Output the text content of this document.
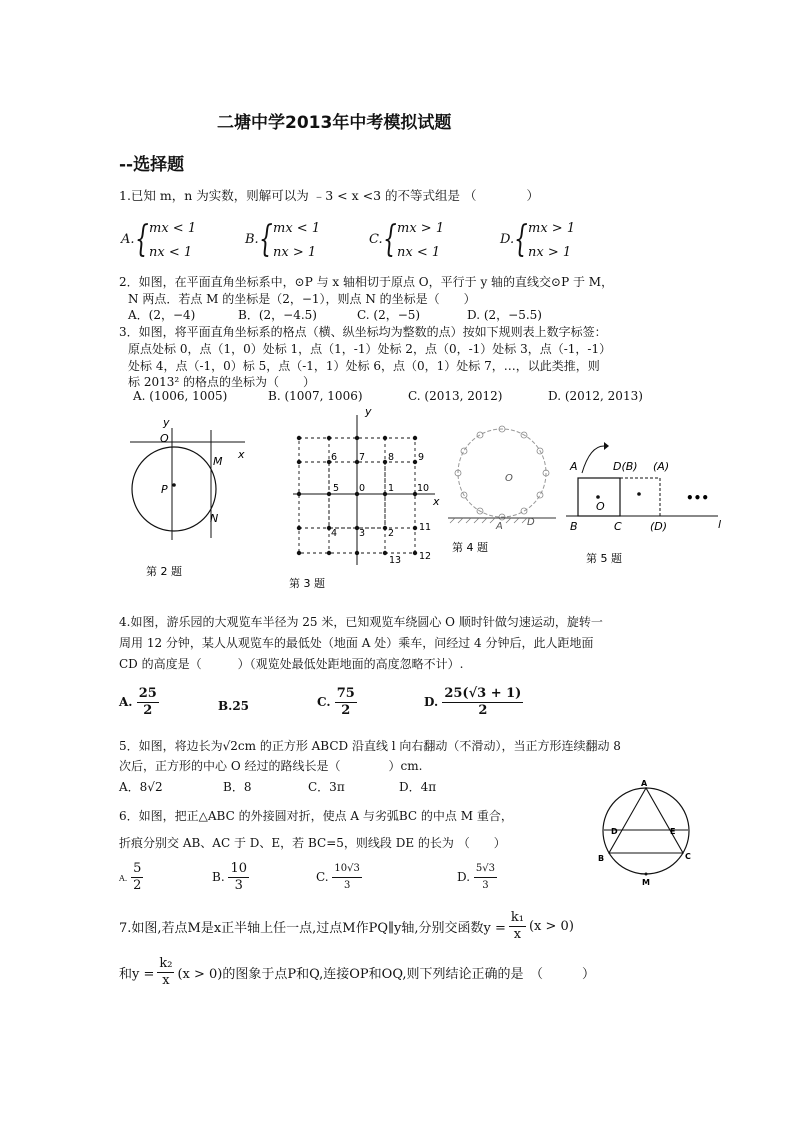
二塘中学2013年中考模拟试题
--选择题
1.已知 m，n 为实数，则解可以为 ﹣3 < x <3 的不等式组是 （　　　　）
A. { mx < 1
nx < 1
B. { mx < 1
nx > 1
C. { mx > 1
nx < 1
D. { mx > 1
nx > 1
2．如图，在平面直角坐标系中，⊙P 与 x 轴相切于原点 O，平行于 y 轴的直线交⊙P 于 M，
N 两点．若点 M 的坐标是（2，−1），则点 N 的坐标是（　　）
A．(2，−4)	B．(2，−4.5)	C. (2，−5)	D. (2，−5.5)
3．如图，将平面直角坐标系的格点（横、纵坐标均为整数的点）按如下规则表上数字标签：
原点处标 0，点（1，0）处标 1，点（1，-1）处标 2，点（0，-1）处标 3，点（-1，-1）
处标 4，点（-1，0）标 5，点（-1，1）处标 6，点（0，1）处标 7，…，以此类推，则
标 2013² 的格点的坐标为（　　）
A. (1006, 1005)	B. (1007, 1006)	C. (2013, 2012)	D. (2012, 2013)
y
O
x
M
P
N
第 2 题
y
x
6 7 8	9
5 0 1 10
4 3 2
11
13 12
第 3 题
O
A D
第 4 题
A	D(B) (A)
O
B	C	(D)	l
•••
第 5 题
4.如图，游乐园的大观览车半径为 25 米，已知观览车绕圆心 O 顺时针做匀速运动，旋转一
周用 12 分钟，某人从观览车的最低处（地面 A 处）乘车，问经过 4 分钟后，此人距地面
CD 的高度是（　　　）（观览处最低处距地面的高度忽略不计）.
A. $\frac{25}{2}$	B.25	C. $\frac{75}{2}$	D. $\frac{25(√3 + 1)}{2}$
5．如图，将边长为√2cm 的正方形 ABCD 沿直线 l 向右翻动（不滑动），当正方形连续翻动 8
次后，正方形的中心 O 经过的路线长是（　　　　）cm.
A．8√2	B．8	C．3π	D．4π
6．如图，把正△ABC 的外接圆对折，使点 A 与劣弧BC 的中点 M 重合，
折痕分别交 AB、AC 于 D、E，若 BC=5，则线段 DE 的长为 （　　）
A. $\frac{5}{2}$	B. $\frac{10}{3}$	C. $\frac{10√3}{3}$	D. $\frac{5√3}{3}$
A
D	E
B	C
M
7.如图,若点M是x正半轴上任一点,过点M作PQ∥y轴,分别交函数$y = \frac{\text{k₁}}{x} (x > 0)$
和$y = \frac{\text{k₂}}{x} (x > 0)$的图象于点P和Q,连接OP和OQ,则下列结论正确的是　（　　　）
